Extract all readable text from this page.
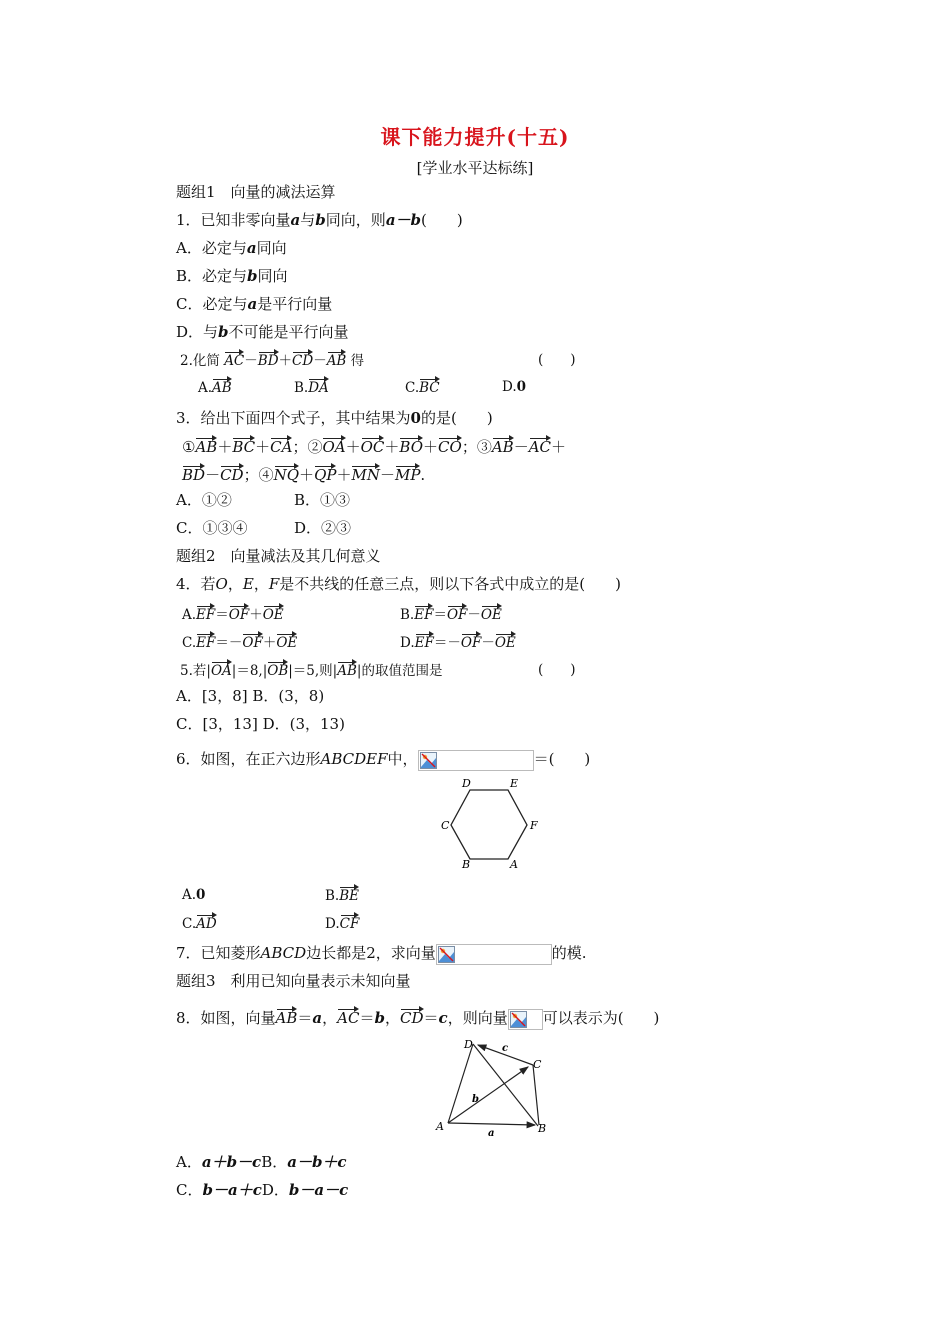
课下能力提升(十五)
[学业水平达标练]
题组1　向量的减法运算
1．已知非零向量a与b同向，则a－b(　　)
A．必定与a同向
B．必定与b同向
C．必定与a是平行向量
D．与b不可能是平行向量
2.化简 AC－BD＋CD－AB 得	(　　)
A.AB	B.DA	C.BC	D.0
3．给出下面四个式子，其中结果为0的是(　　)
①AB＋BC＋CA；②OA＋OC＋BO＋CO；③AB－AC＋
BD－CD；④NQ＋QP＋MN－MP.
A．①②	B．①③
C．①③④	D．②③
题组2　向量减法及其几何意义
4．若O，E，F是不共线的任意三点，则以下各式中成立的是(　　)
A.EF＝OF＋OE	B.EF＝OF－OE
C.EF＝－OF＋OE	D.EF＝－OF－OE
5.若|OA|＝8,|OB|＝5,则|AB|的取值范围是	(　　)
A．[3，8] B．(3，8)
C．[3，13] D．(3，13)
6．如图，在正六边形ABCDEF中，	＝(　　)
D	E
C	F
B	A
A.0	B.BE
C.AD	D.CF
7．已知菱形ABCD边长都是2，求向量	的模.
题组3　利用已知向量表示未知向量
8．如图，向量AB＝a，AC＝b，CD＝c，则向量 可以表示为(　　)
D	c
C
b
A
a	B
A．a＋b－cB．a－b＋c
C．b－a＋cD．b－a－c
